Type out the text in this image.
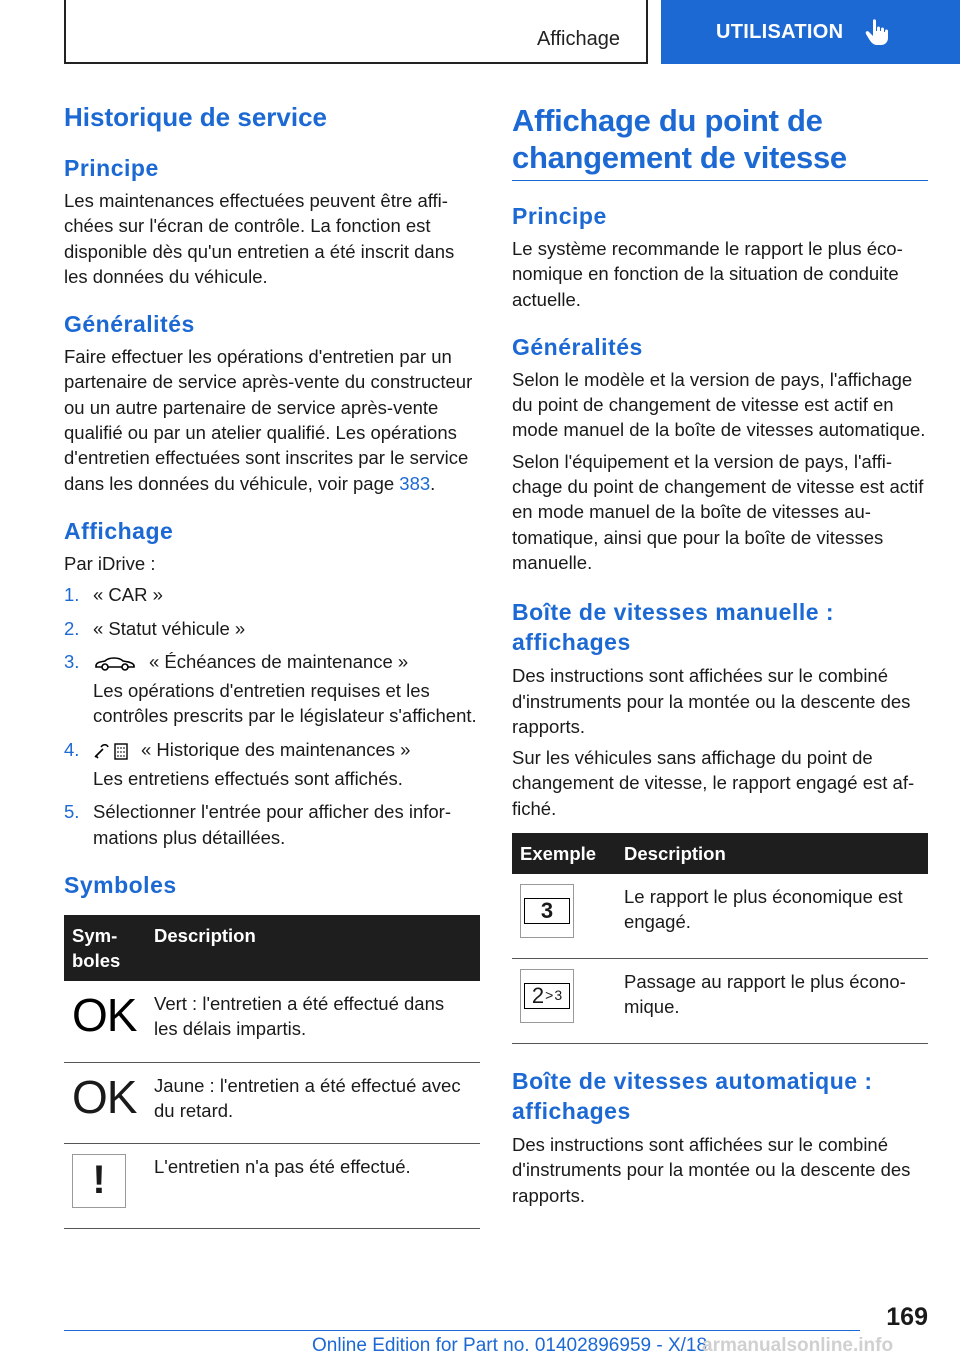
Affichage	UTILISATION
Historique de service
Principe

Les maintenances effectuées peuvent être affichées sur l'écran de contrôle. La fonction est disponible dès qu'un entretien a été inscrit dans les données du véhicule.

Généralités

Faire effectuer les opérations d'entretien par un partenaire de service après-vente du constructeur ou un autre partenaire de service après-vente qualifié ou par un atelier qualifié. Les opérations d'entretien effectuées sont inscrites par le service dans les données du véhicule, voir page 383.

Affichage

Par iDrive :

1. « CAR »
2. « Statut véhicule »
3.	« Échéances de maintenance »
Les opérations d'entretien requises et les contrôles prescrits par le législateur s'affichent.
4.	« Historique des maintenances »
Les entretiens effectués sont affichés.
5. Sélectionner l'entrée pour afficher des informations plus détaillées.
Symboles
Symboles	Description
OK	Vert : l'entretien a été effectué dans les délais impartis.
OK	Jaune : l'entretien a été effectué avec du retard.

!	L'entretien n'a pas été effectué.
Affichage du point de changement de vitesse
Principe

Le système recommande le rapport le plus économique en fonction de la situation de conduite actuelle.

Généralités

Selon le modèle et la version de pays, l'affichage du point de changement de vitesse est actif en mode manuel de la boîte de vitesses automatique.

Selon l'équipement et la version de pays, l'affichage du point de changement de vitesse est actif en mode manuel de la boîte de vitesses automatique, ainsi que pour la boîte de vitesses manuelle.

Boîte de vitesses manuelle : affichages

Des instructions sont affichées sur le combiné d'instruments pour la montée ou la descente des rapports.

Sur les véhicules sans affichage du point de changement de vitesse, le rapport engagé est affiché.

Exemple	Description

3	Le rapport le plus économique est engagé.

2 > 3	Passage au rapport le plus économique.
Boîte de vitesses automatique : affichages

Des instructions sont affichées sur le combiné d'instruments pour la montée ou la descente des rapports.

169
Online Edition for Part no. 01402896959 - X/18
armanualsonline.info
